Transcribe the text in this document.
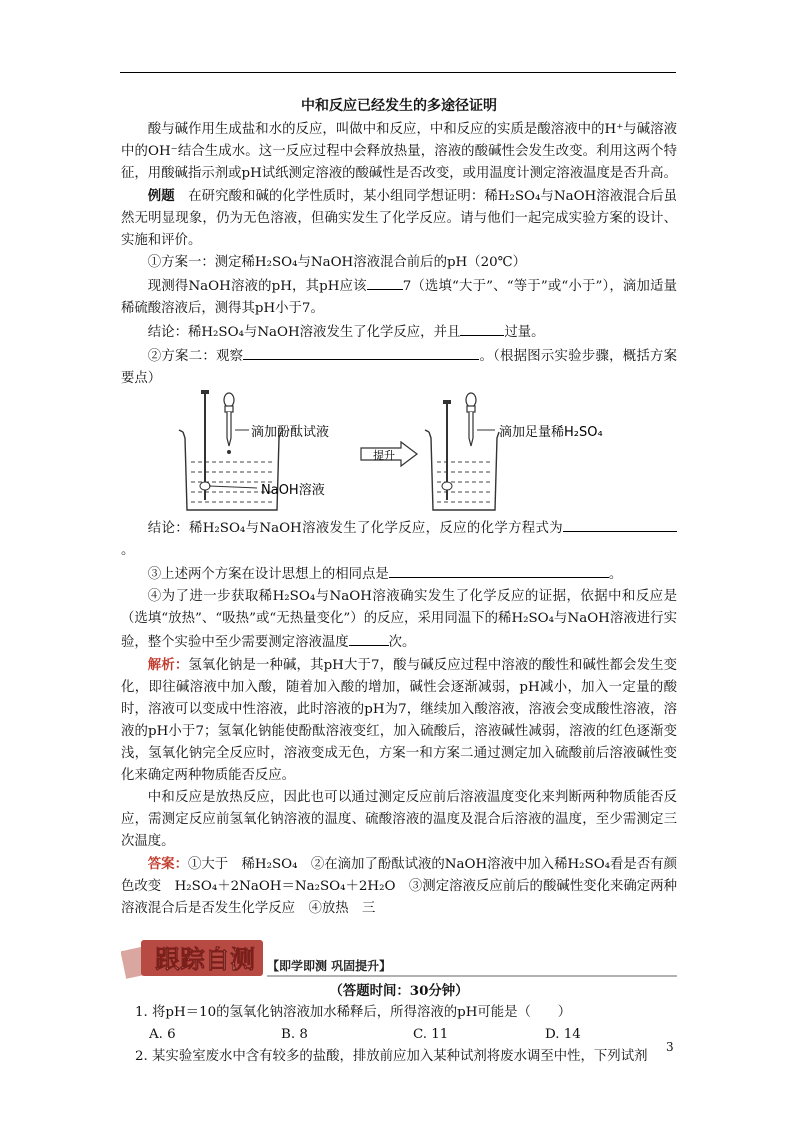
中和反应已经发生的多途径证明

酸与碱作用生成盐和水的反应，叫做中和反应，中和反应的实质是酸溶液中的H⁺与碱溶液中的OH⁻结合生成水。这一反应过程中会释放热量，溶液的酸碱性会发生改变。利用这两个特征，用酸碱指示剂或pH试纸测定溶液的酸碱性是否改变，或用温度计测定溶液温度是否升高。

例题　 在研究酸和碱的化学性质时，某小组同学想证明：稀H₂SO₄与NaOH溶液混合后虽然无明显现象，仍为无色溶液，但确实发生了化学反应。请与他们一起完成实验方案的设计、实施和评价。

①方案一：测定稀H₂SO₄与NaOH溶液混合前后的pH（20℃）

现测得NaOH溶液的pH，其pH应该	7（选填“大于”、“等于”或“小于”），滴加适量稀硫酸溶液后，测得其pH小于7。

结论：稀H₂SO₄与NaOH溶液发生了化学反应，并且	过量。

②方案二：观察	。（根据图示实验步骤，概括方案要点）

滴加酚酞试液
NaOH溶液
提升
滴加足量稀H₂SO₄

结论：稀H₂SO₄与NaOH溶液发生了化学反应，反应的化学方程式为。

③上述两个方案在设计思想上的相同点是	。

④为了进一步获取稀H₂SO₄与NaOH溶液确实发生了化学反应的证据，依据中和反应是（选填“放热”、“吸热”或“无热量变化”）的反应，采用同温下的稀H₂SO₄与NaOH溶液进行实验，整个实验中至少需要测定溶液温度	次。

解析：氢氧化钠是一种碱，其pH大于7，酸与碱反应过程中溶液的酸性和碱性都会发生变化，即往碱溶液中加入酸，随着加入酸的增加，碱性会逐渐减弱，pH减小，加入一定量的酸时，溶液可以变成中性溶液，此时溶液的pH为7，继续加入酸溶液，溶液会变成酸性溶液，溶液的pH小于7；氢氧化钠能使酚酞溶液变红，加入硫酸后，溶液碱性减弱，溶液的红色逐渐变浅，氢氧化钠完全反应时，溶液变成无色，方案一和方案二通过测定加入硫酸前后溶液碱性变化来确定两种物质能否反应。

中和反应是放热反应，因此也可以通过测定反应前后溶液温度变化来判断两种物质能否反应，需测定反应前氢氧化钠溶液的温度、硫酸溶液的温度及混合后溶液的温度，至少需测定三次温度。

答案：①大于　稀H₂SO₄　②在滴加了酚酞试液的NaOH溶液中加入稀H₂SO₄看是否有颜色改变　H₂SO₄＋2NaOH＝Na₂SO₄＋2H₂O　③测定溶液反应前后的酸碱性变化来确定两种溶液混合后是否发生化学反应　④放热　三

跟踪自测 【即学即测 巩固提升】
（答题时间：30分钟）

1. 将pH＝10的氢氧化钠溶液加水稀释后，所得溶液的pH可能是（　　）

A. 6	B. 8	C. 11	D. 14

2. 某实验室废水中含有较多的盐酸，排放前应加入某种试剂将废水调至中性，下列试剂

3
